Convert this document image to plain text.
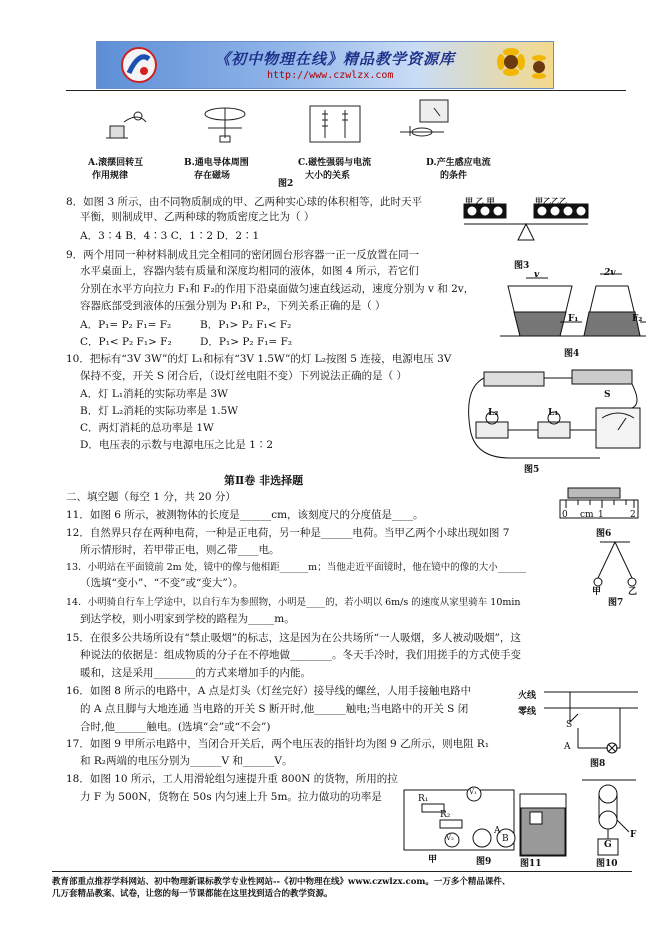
《初中物理在线》精品教学资源库
http://www.czwlzx.com
A.滚摆回转互
作用规律
B.通电导体周围
存在磁场
C.磁性强弱与电流
大小的关系
D.产生感应电流
的条件
图2
8．如图 3 所示，由不同物质制成的甲、乙两种实心球的体积相等，此时天平
平衡，则制成甲、乙两种球的物质密度之比为（ ）
A．3∶4 B．4∶3 C．1∶2 D．2∶1
甲 乙 甲	甲乙乙乙
图3
9．两个用同一种材料制成且完全相同的密闭圆台形容器一正一反放置在同一
水平桌面上，容器内装有质量和深度均相同的液体，如图 4 所示，若它们
分别在水平方向拉力 F₁和 F₂的作用下沿桌面做匀速直线运动，速度分别为 v 和 2v，
容器底部受到液体的压强分别为 P₁和 P₂，下列关系正确的是（ ）
A．P₁= P₂ F₁= F₂	B．P₁> P₂ F₁< F₂
C．P₁< P₂ F₁> F₂	D．P₁> P₂ F₁= F₂
v	2v
F₁	F₂
图4
10．把标有“3V 3W”的灯 L₁和标有“3V 1.5W”的灯 L₂按图 5 连接，电源电压 3V
保持不变，开关 S 闭合后，（设灯丝电阻不变）下列说法正确的是（ ）
A．灯 L₁消耗的实际功率是 3W
B．灯 L₂消耗的实际功率是 1.5W
C．两灯消耗的总功率是 1W
D．电压表的示数与电源电压之比是 1∶2
L₂	L₁
S
图5
第Ⅱ卷 非选择题
二、填空题（每空 1 分，共 20 分）
11．如图 6 所示，被测物体的长度是______cm，该刻度尺的分度值是____。	0 cm 1	2
图6
12．自然界只存在两种电荷，一种是正电荷，另一种是______电荷。当甲乙两个小球出现如图 7
所示情形时，若甲带正电，则乙带____电。
甲	乙
图7
13．小明站在平面镜前 2m 处，镜中的像与他相距______m；当他走近平面镜时，他在镜中的像的大小______
（选填“变小”、“不变”或“变大”）。
14．小明骑自行车上学途中，以自行车为参照物，小明是____的，若小明以 6m/s 的速度从家里骑车 10min
到达学校，则小明家到学校的路程为_____m。
15．在很多公共场所设有“禁止吸烟”的标志，这是因为在公共场所“一人吸烟，多人被动吸烟”，这
种说法的依据是：组成物质的分子在不停地做________。冬天手冷时，我们用搓手的方式使手变
暖和，这是采用________的方式来增加手的内能。
16．如图 8 所示的电路中，A 点是灯头（灯丝完好）接导线的螺丝，人用手接触电路中
的 A 点且脚与大地连通 当电路的开关 S 断开时,他______触电;当电路中的开关 S 闭
合时,他______触电。(选填“会”或“不会”)
火线
零线
S
A
图8
17．如图 9 甲所示电路中，当闭合开关后，两个电压表的指针均为图 9 乙所示，则电阻 R₁
和 R₂两端的电压分别为______V 和______V。
18．如图 10 所示，工人用滑轮组匀速提升重 800N 的货物，所用的拉
力 F 为 500N，货物在 50s 内匀速上升 5m。拉力做功的功率是	R₁
R₂
V₁
V₂
甲	图9
A
B
图11
F
G
图10
教育部重点推荐学科网站、初中物理新课标教学专业性网站--《初中物理在线》www.czwlzx.com。一万多个精品课件、
几万套精品教案、试卷，让您的每一节课都能在这里找到适合的教学资源。
